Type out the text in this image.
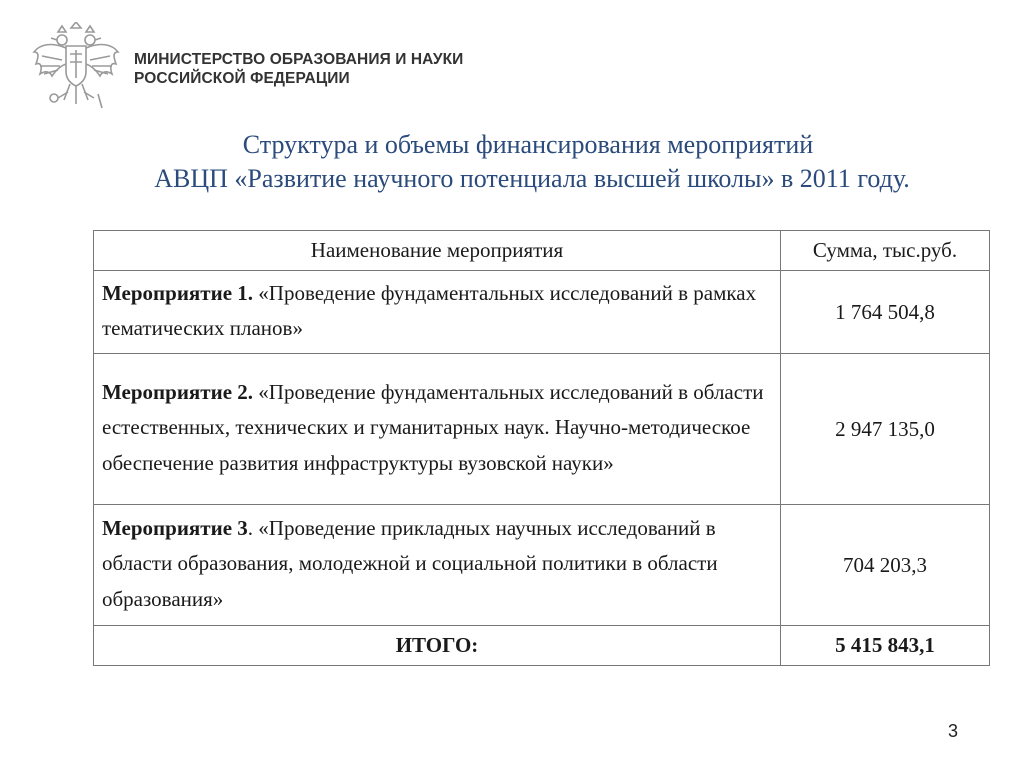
МИНИСТЕРСТВО ОБРАЗОВАНИЯ И НАУКИ
РОССИЙСКОЙ ФЕДЕРАЦИИ
Структура и объемы финансирования мероприятий
АВЦП «Развитие научного потенциала высшей школы» в 2011 году.
Наименование мероприятия	Сумма, тыс.руб.
Мероприятие 1. «Проведение фундаментальных исследований в рамках тематических планов»	1 764 504,8
Мероприятие 2. «Проведение фундаментальных исследований в области естественных, технических и гуманитарных наук. Научно-методическое обеспечение развития инфраструктуры вузовской науки»	2 947 135,0
Мероприятие 3. «Проведение прикладных научных исследований в области образования, молодежной и социальной политики в области образования»	704 203,3
ИТОГО:	5 415 843,1
3
